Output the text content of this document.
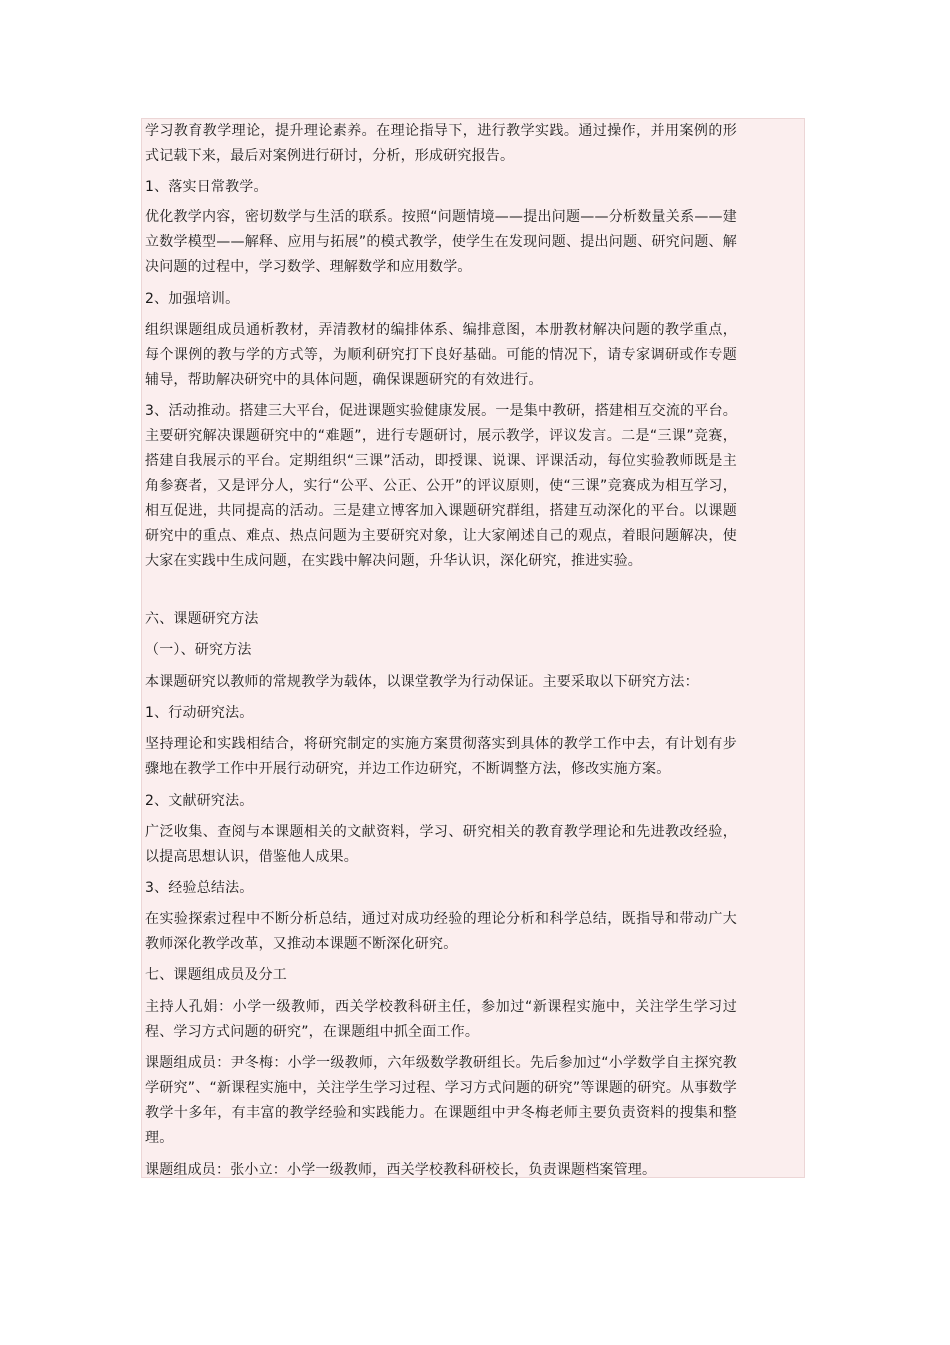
学习教育教学理论，提升理论素养。在理论指导下，进行教学实践。通过操作，并用案例的形式记载下来，最后对案例进行研讨，分析，形成研究报告。

1、落实日常教学。

优化教学内容，密切数学与生活的联系。按照“问题情境——提出问题——分析数量关系——建立数学模型——解释、应用与拓展”的模式教学，使学生在发现问题、提出问题、研究问题、解决问题的过程中，学习数学、理解数学和应用数学。

2、加强培训。

组织课题组成员通析教材，弄清教材的编排体系、编排意图，本册教材解决问题的教学重点，每个课例的教与学的方式等，为顺利研究打下良好基础。可能的情况下，请专家调研或作专题辅导，帮助解决研究中的具体问题，确保课题研究的有效进行。

3、活动推动。搭建三大平台，促进课题实验健康发展。一是集中教研，搭建相互交流的平台。主要研究解决课题研究中的“难题”，进行专题研讨，展示教学，评议发言。二是“三课”竞赛，搭建自我展示的平台。定期组织“三课”活动，即授课、说课、评课活动，每位实验教师既是主角参赛者，又是评分人，实行“公平、公正、公开”的评议原则，使“三课”竞赛成为相互学习，相互促进，共同提高的活动。三是建立博客加入课题研究群组，搭建互动深化的平台。以课题研究中的重点、难点、热点问题为主要研究对象，让大家阐述自己的观点，着眼问题解决，使大家在实践中生成问题，在实践中解决问题，升华认识，深化研究，推进实验。

六、课题研究方法

（一）、研究方法

本课题研究以教师的常规教学为载体，以课堂教学为行动保证。主要采取以下研究方法：

1、行动研究法。

坚持理论和实践相结合，将研究制定的实施方案贯彻落实到具体的教学工作中去，有计划有步骤地在教学工作中开展行动研究，并边工作边研究，不断调整方法，修改实施方案。

2、文献研究法。

广泛收集、查阅与本课题相关的文献资料，学习、研究相关的教育教学理论和先进教改经验，以提高思想认识，借鉴他人成果。

3、经验总结法。

在实验探索过程中不断分析总结，通过对成功经验的理论分析和科学总结，既指导和带动广大教师深化教学改革，又推动本课题不断深化研究。

七、课题组成员及分工

主持人孔娟：小学一级教师，西关学校教科研主任，参加过“新课程实施中，关注学生学习过程、学习方式问题的研究”，在课题组中抓全面工作。

课题组成员：尹冬梅：小学一级教师，六年级数学教研组长。先后参加过“小学数学自主探究教学研究”、“新课程实施中，关注学生学习过程、学习方式问题的研究”等课题的研究。从事数学教学十多年，有丰富的教学经验和实践能力。在课题组中尹冬梅老师主要负责资料的搜集和整理。

课题组成员：张小立：小学一级教师，西关学校教科研校长，负责课题档案管理。
